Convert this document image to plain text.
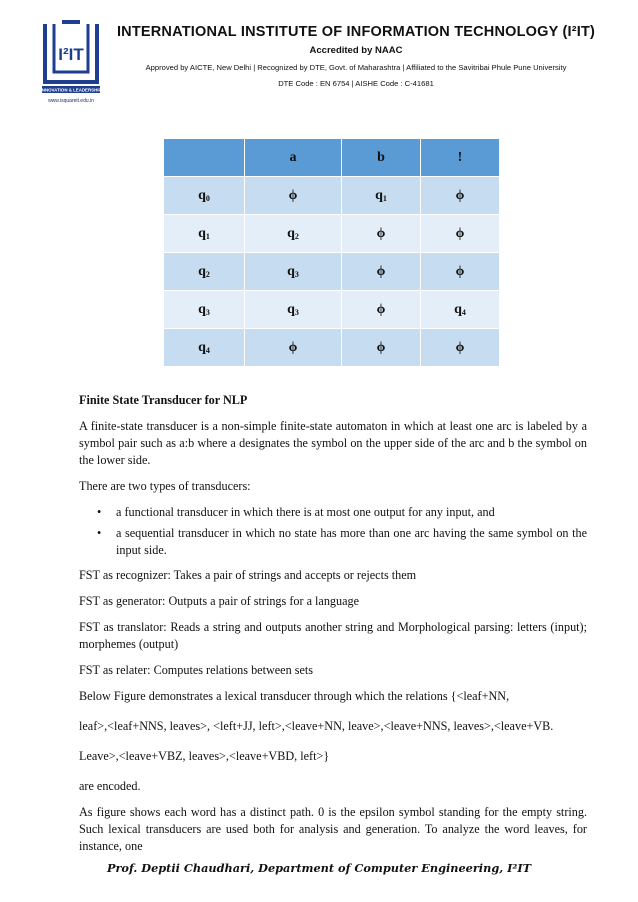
I²IT
INNOVATION & LEADERSHIP
www.isquareit.edu.in
INTERNATIONAL INSTITUTE OF INFORMATION TECHNOLOGY (I²IT)
Accredited by NAAC
Approved by AICTE, New Delhi | Recognized by DTE, Govt. of Maharashtra | Affiliated to the Savitribai Phule Pune University
DTE Code : EN 6754 | AISHE Code : C-41681
	a	b	!
$q_0$	ϕ	$q_1$	ϕ
$q_1$	$q_2$	ϕ	ϕ
$q_2$	$q_3$	ϕ	ϕ
$q_3$	$q_3$	ϕ	$q_4$
$q_4$	ϕ	ϕ	ϕ

Finite State Transducer for NLP

A finite-state transducer is a non-simple finite-state automaton in which at least one arc is labeled by a symbol pair such as a:b where a designates the symbol on the upper side of the arc and b the symbol on the lower side.

There are two types of transducers:

• a functional transducer in which there is at most one output for any input, and
• a sequential transducer in which no state has more than one arc having the same symbol on the input side.

FST as recognizer: Takes a pair of strings and accepts or rejects them

FST as generator: Outputs a pair of strings for a language

FST as translator: Reads a string and outputs another string and Morphological parsing: letters (input); morphemes (output)

FST as relater: Computes relations between sets

Below Figure demonstrates a lexical transducer through which the relations {<leaf+NN,

leaf>,<leaf+NNS, leaves>, <left+JJ, left>,<leave+NN, leave>,<leave+NNS, leaves>,<leave+VB.

Leave>,<leave+VBZ, leaves>,<leave+VBD, left>}

are encoded.

As figure shows each word has a distinct path. 0 is the epsilon symbol standing for the empty string. Such lexical transducers are used both for analysis and generation. To analyze the word leaves, for instance, one

Prof. Deptii Chaudhari, Department of Computer Engineering, I²IT
